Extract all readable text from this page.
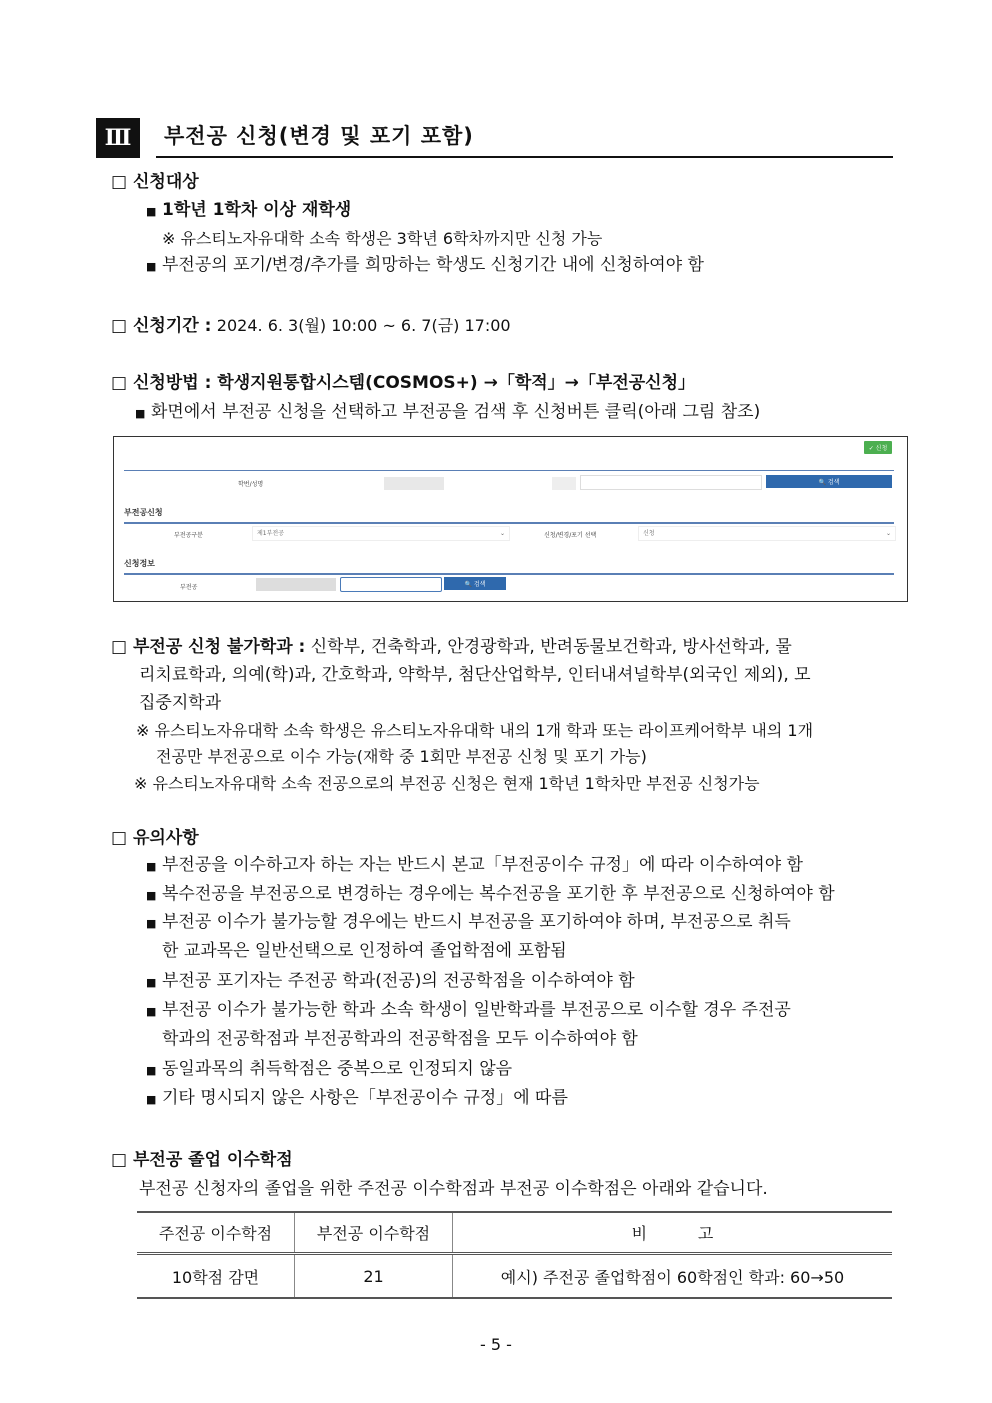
Ⅲ	부전공 신청(변경 및 포기 포함)
□ 신청대상
■ 1학년 1학차 이상 재학생
※ 유스티노자유대학 소속 학생은 3학년 6학차까지만 신청 가능
■ 부전공의 포기/변경/추가를 희망하는 학생도 신청기간 내에 신청하여야 함
□ 신청기간 : 2024. 6. 3(월) 10:00 ~ 6. 7(금) 17:00
□ 신청방법 : 학생지원통합시스템(COSMOS+) →「학적」→「부전공신청」
■ 화면에서 부전공 신청을 선택하고 부전공을 검색 후 신청버튼 클릭(아래 그림 참조)
✓ 신청
학번/성명	🔍 검색
부전공신청
부전공구분	제1부전공	⌄	신청/변경/포기 선택	신청	⌄
신청정보
부전공	🔍 검색
□ 부전공 신청 불가학과 : 신학부, 건축학과, 안경광학과, 반려동물보건학과, 방사선학과, 물
리치료학과, 의예(학)과, 간호학과, 약학부, 첨단산업학부, 인터내셔널학부(외국인 제외), 모
집중지학과
※ 유스티노자유대학 소속 학생은 유스티노자유대학 내의 1개 학과 또는 라이프케어학부 내의 1개
전공만 부전공으로 이수 가능(재학 중 1회만 부전공 신청 및 포기 가능)
※ 유스티노자유대학 소속 전공으로의 부전공 신청은 현재 1학년 1학차만 부전공 신청가능
□ 유의사항
■ 부전공을 이수하고자 하는 자는 반드시 본교「부전공이수 규정」에 따라 이수하여야 함
■ 복수전공을 부전공으로 변경하는 경우에는 복수전공을 포기한 후 부전공으로 신청하여야 함
■ 부전공 이수가 불가능할 경우에는 반드시 부전공을 포기하여야 하며, 부전공으로 취득
한 교과목은 일반선택으로 인정하여 졸업학점에 포함됨
■ 부전공 포기자는 주전공 학과(전공)의 전공학점을 이수하여야 함
■ 부전공 이수가 불가능한 학과 소속 학생이 일반학과를 부전공으로 이수할 경우 주전공
학과의 전공학점과 부전공학과의 전공학점을 모두 이수하여야 함
■ 동일과목의 취득학점은 중복으로 인정되지 않음
■ 기타 명시되지 않은 사항은「부전공이수 규정」에 따름
□ 부전공 졸업 이수학점
부전공 신청자의 졸업을 위한 주전공 이수학점과 부전공 이수학점은 아래와 같습니다.
주전공 이수학점	부전공 이수학점	비          고
10학점 감면	21	예시) 주전공 졸업학점이 60학점인 학과: 60→50
- 5 -
